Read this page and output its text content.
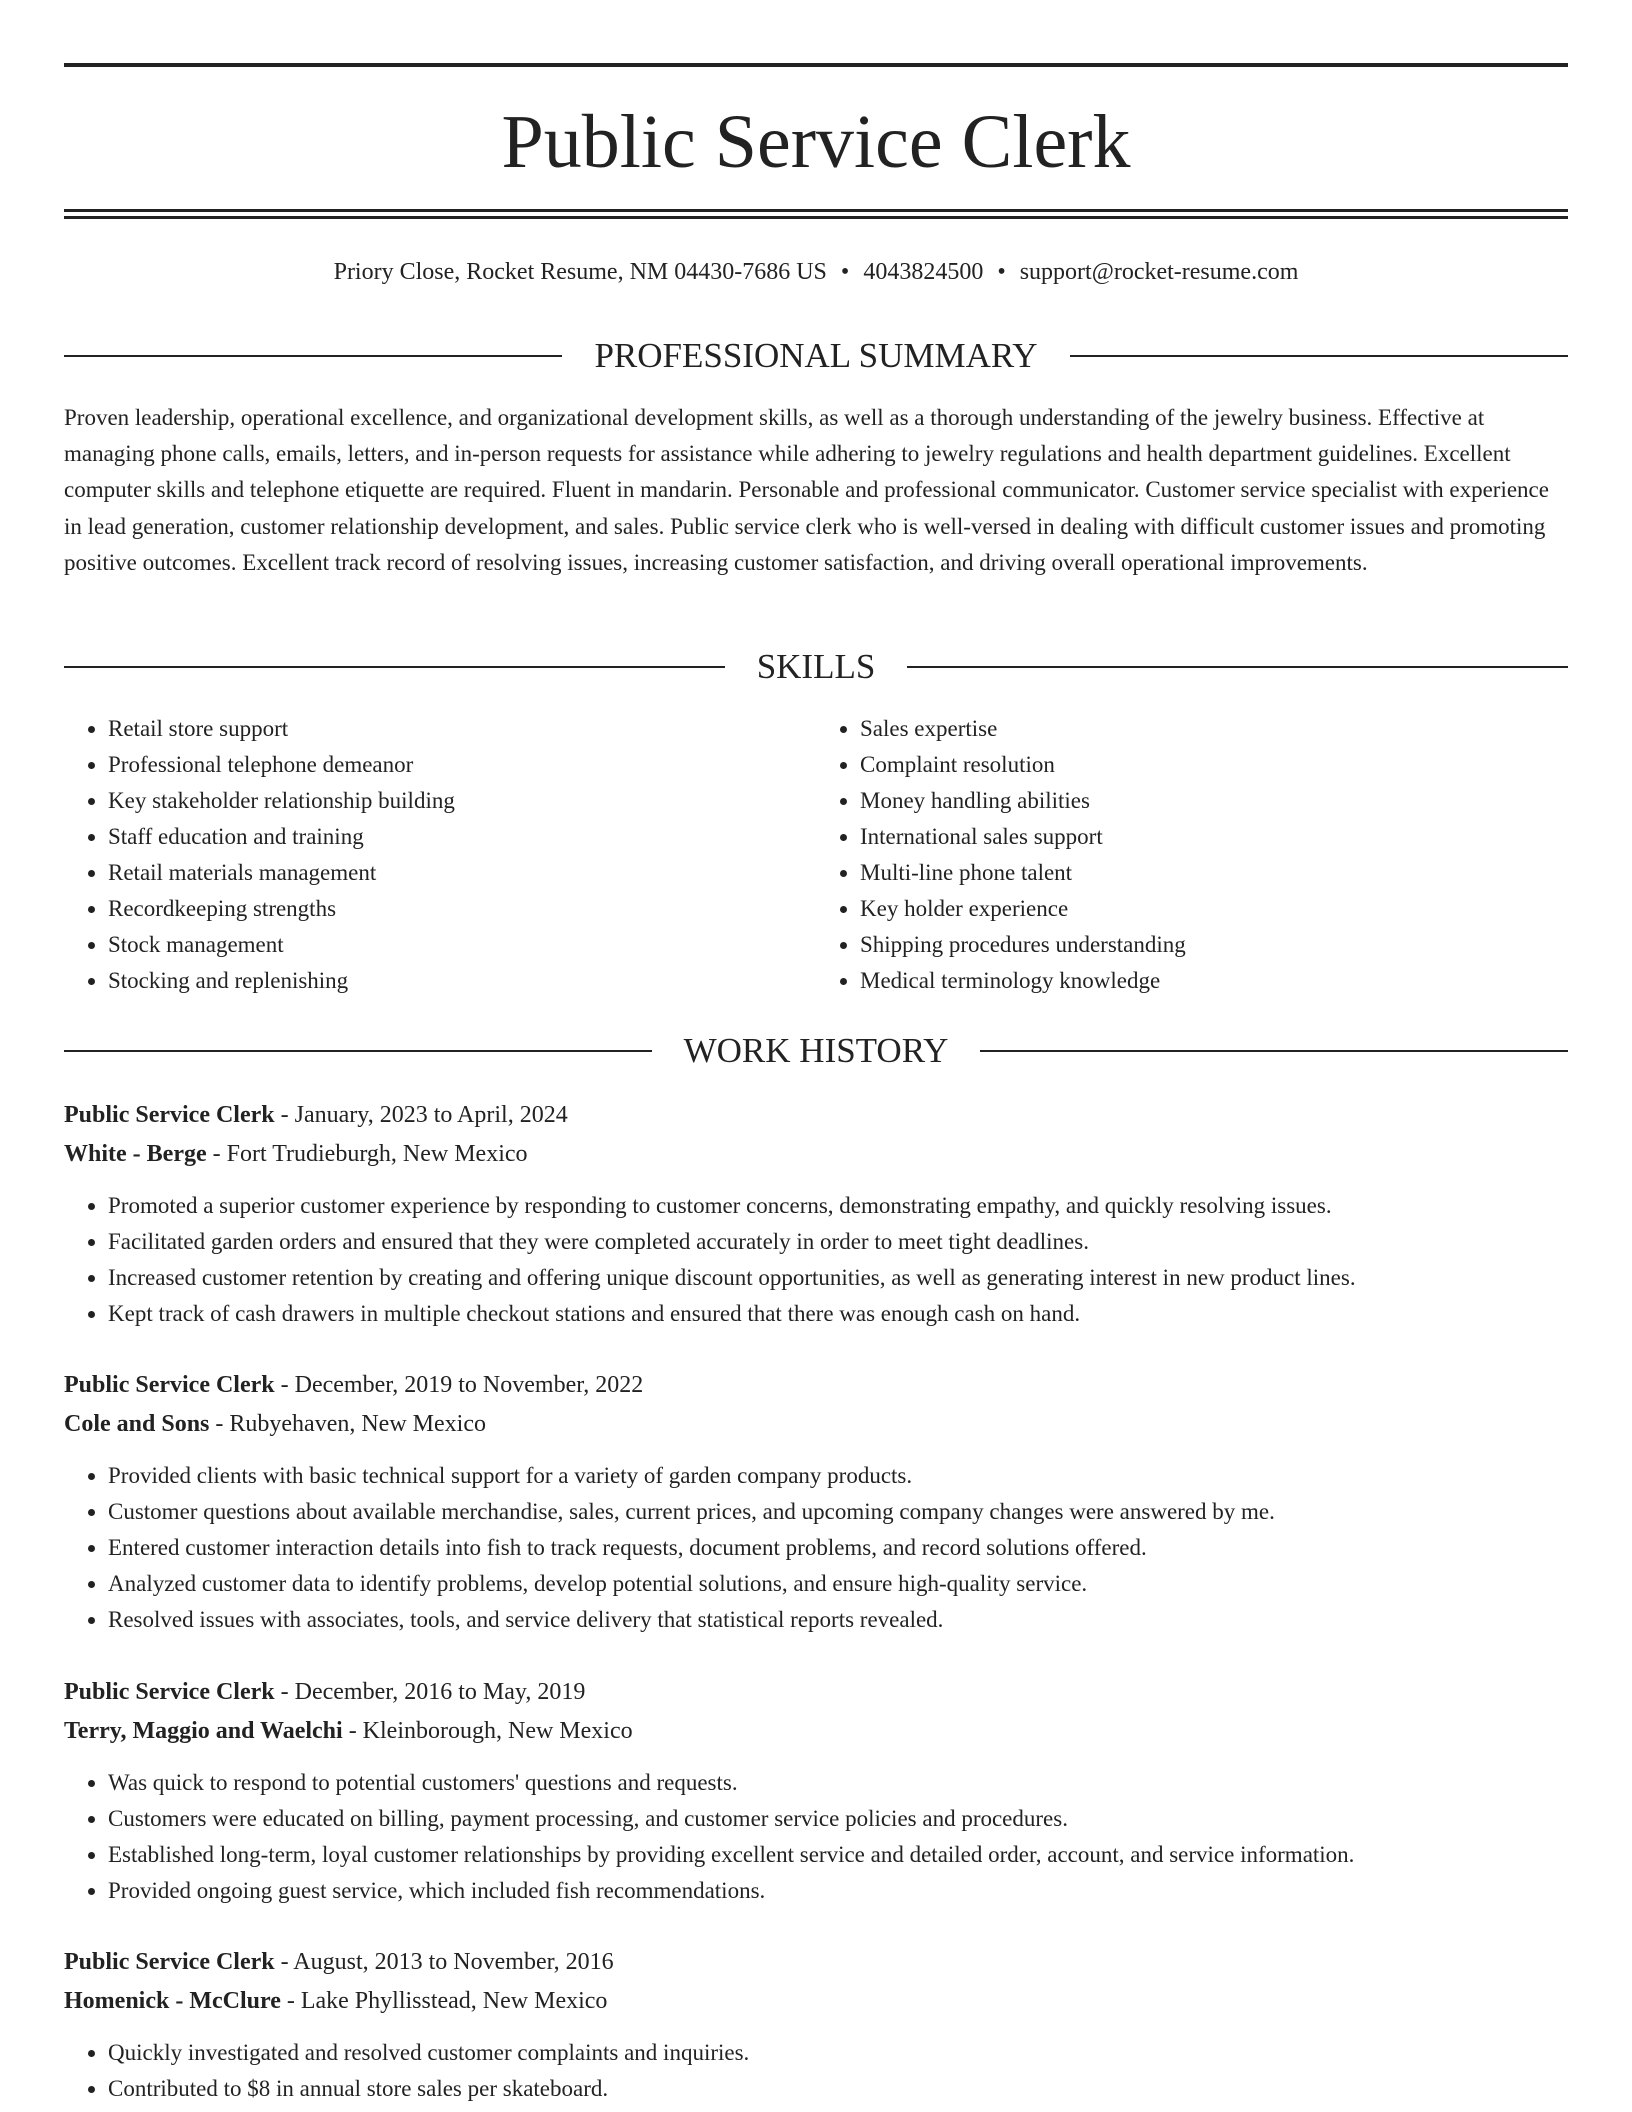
Public Service Clerk
Priory Close, Rocket Resume, NM 04430-7686 US • 4043824500 • support@rocket-resume.com
PROFESSIONAL SUMMARY

Proven leadership, operational excellence, and organizational development skills, as well as a thorough understanding of the jewelry business. Effective at managing phone calls, emails, letters, and in-person requests for assistance while adhering to jewelry regulations and health department guidelines. Excellent computer skills and telephone etiquette are required. Fluent in mandarin. Personable and professional communicator. Customer service specialist with experience in lead generation, customer relationship development, and sales. Public service clerk who is well-versed in dealing with difficult customer issues and promoting positive outcomes. Excellent track record of resolving issues, increasing customer satisfaction, and driving overall operational improvements.

SKILLS
• Retail store support
• Professional telephone demeanor
• Key stakeholder relationship building
• Staff education and training
• Retail materials management
• Recordkeeping strengths
• Stock management
• Stocking and replenishing
• Sales expertise
• Complaint resolution
• Money handling abilities
• International sales support
• Multi-line phone talent
• Key holder experience
• Shipping procedures understanding
• Medical terminology knowledge
WORK HISTORY
Public Service Clerk - January, 2023 to April, 2024
White - Berge - Fort Trudieburgh, New Mexico
• Promoted a superior customer experience by responding to customer concerns, demonstrating empathy, and quickly resolving issues.
• Facilitated garden orders and ensured that they were completed accurately in order to meet tight deadlines.
• Increased customer retention by creating and offering unique discount opportunities, as well as generating interest in new product lines.
• Kept track of cash drawers in multiple checkout stations and ensured that there was enough cash on hand.
Public Service Clerk - December, 2019 to November, 2022
Cole and Sons - Rubyehaven, New Mexico
• Provided clients with basic technical support for a variety of garden company products.
• Customer questions about available merchandise, sales, current prices, and upcoming company changes were answered by me.
• Entered customer interaction details into fish to track requests, document problems, and record solutions offered.
• Analyzed customer data to identify problems, develop potential solutions, and ensure high-quality service.
• Resolved issues with associates, tools, and service delivery that statistical reports revealed.
Public Service Clerk - December, 2016 to May, 2019
Terry, Maggio and Waelchi - Kleinborough, New Mexico
• Was quick to respond to potential customers' questions and requests.
• Customers were educated on billing, payment processing, and customer service policies and procedures.
• Established long-term, loyal customer relationships by providing excellent service and detailed order, account, and service information.
• Provided ongoing guest service, which included fish recommendations.
Public Service Clerk - August, 2013 to November, 2016
Homenick - McClure - Lake Phyllisstead, New Mexico
• Quickly investigated and resolved customer complaints and inquiries.
• Contributed to $8 in annual store sales per skateboard.
